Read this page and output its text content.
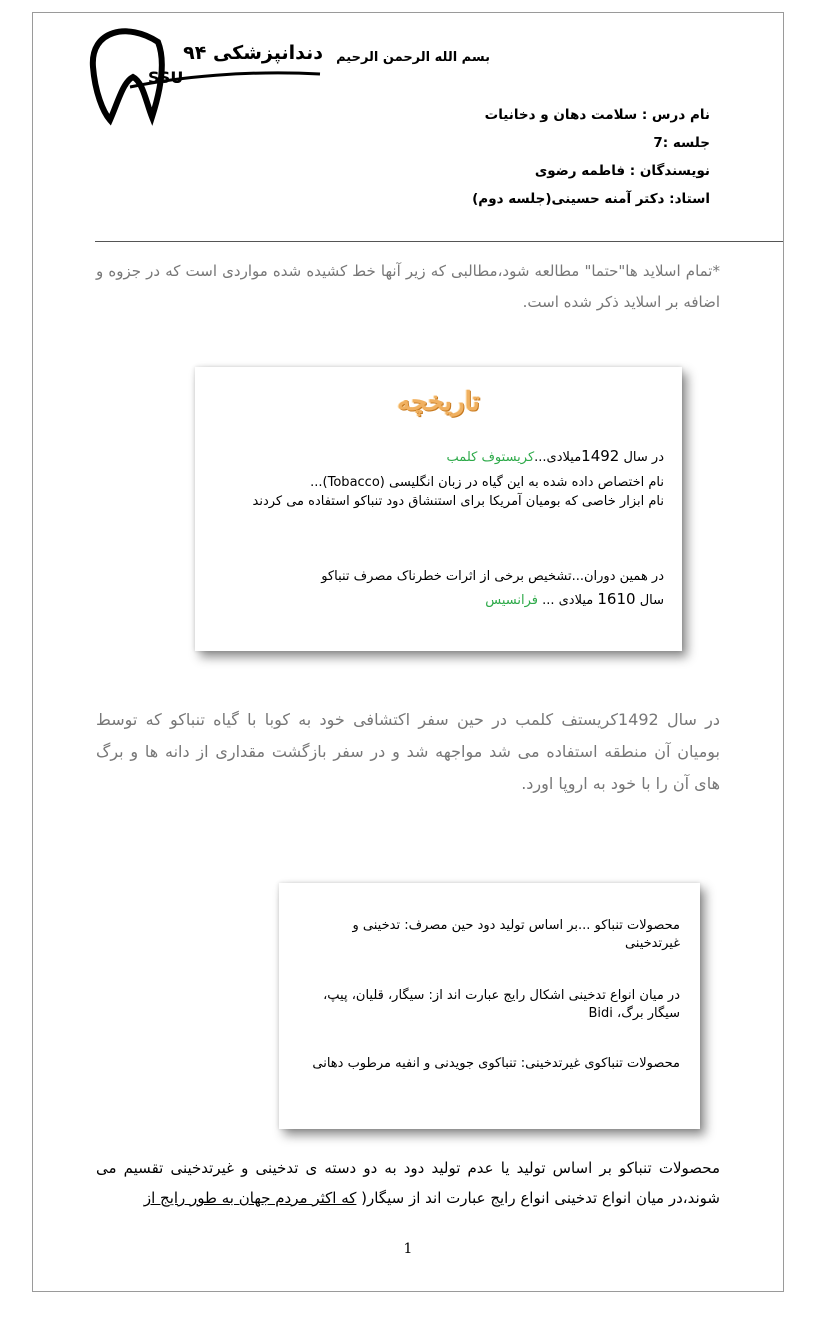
دندانپزشکی ۹۴
SSU
بسم الله الرحمن الرحیم
نام درس : سلامت دهان و دخانیات
جلسه :7
نویسندگان : فاطمه رضوی
استاد: دکتر آمنه حسینی(جلسه دوم)
*تمام اسلاید ها"حتما" مطالعه شود،مطالبی که زیر آنها خط کشیده شده مواردی است که در جزوه و اضافه بر اسلاید ذکر شده است.
تاریخچه
در سال 1492میلادی...کریستوف کلمب
نام اختصاص داده شده به این گیاه در زبان انگلیسی (Tobacco)...
نام ابزار خاصی که بومیان آمریکا برای استنشاق دود تنباکو استفاده می کردند
در همین دوران...تشخیص برخی از اثرات خطرناک مصرف تنباکو
سال 1610 میلادی ... فرانسیس
در سال 1492کریستف کلمب در حین سفر اکتشافی خود به کوبا با گیاه تنباکو که توسط بومیان آن منطقه استفاده می شد مواجهه شد و در سفر بازگشت مقداری از دانه ها و برگ های آن را با خود به اروپا اورد.
محصولات تنباکو ...بر اساس تولید دود حین مصرف: تدخینی و غیرتدخینی
در میان انواع تدخینی اشکال رایج عبارت اند از: سیگار، قلیان، پیپ، سیگار برگ، Bidi
محصولات تنباکوی غیرتدخینی: تنباکوی جویدنی و انفیه مرطوب دهانی
محصولات تنباکو بر اساس تولید یا عدم تولید دود به دو دسته ی تدخینی و غیرتدخینی تقسیم می شوند،در میان انواع تدخینی انواع رایج عبارت اند از سیگار( که اکثر مردم جهان به طور رایج از
1
